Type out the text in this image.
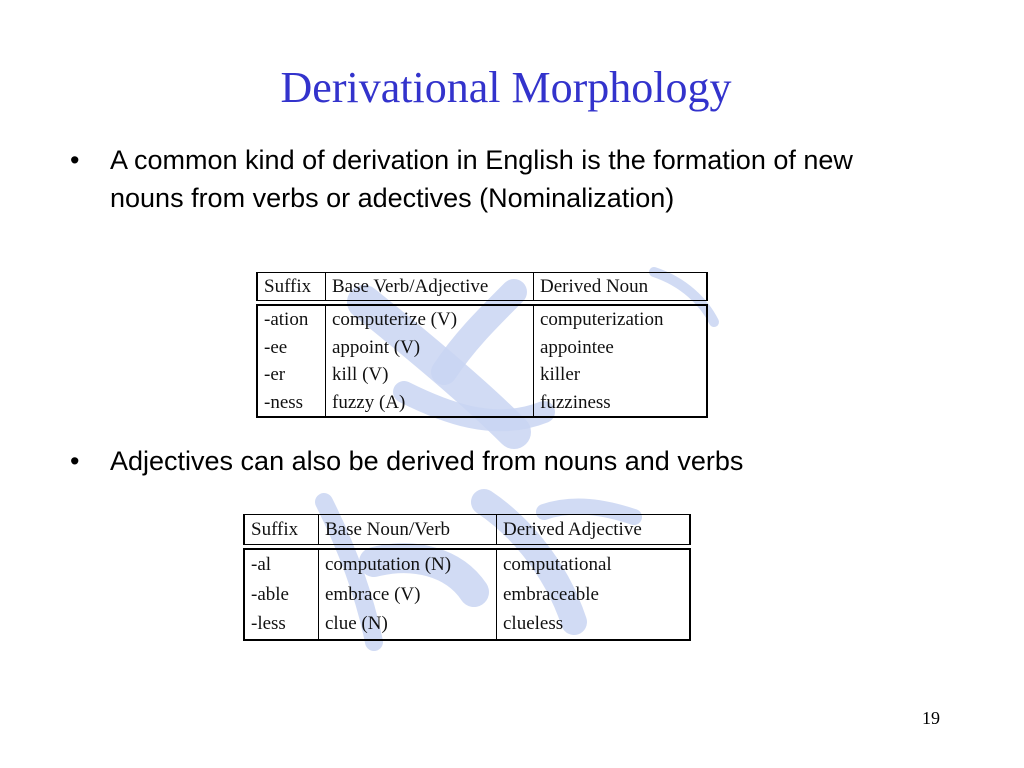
Derivational Morphology
•	A common kind of derivation in English is the formation of new nouns from verbs or adectives (Nominalization)
Suffix	Base Verb/Adjective	Derived Noun

-ation	computerize (V)	computerization
-ee	appoint (V)	appointee
-er	kill (V)	killer
-ness	fuzzy (A)	fuzziness
•	Adjectives can also be derived from nouns and verbs
Suffix	Base Noun/Verb	Derived Adjective

-al	computation (N)	computational
-able	embrace (V)	embraceable
-less	clue (N)	clueless
19
